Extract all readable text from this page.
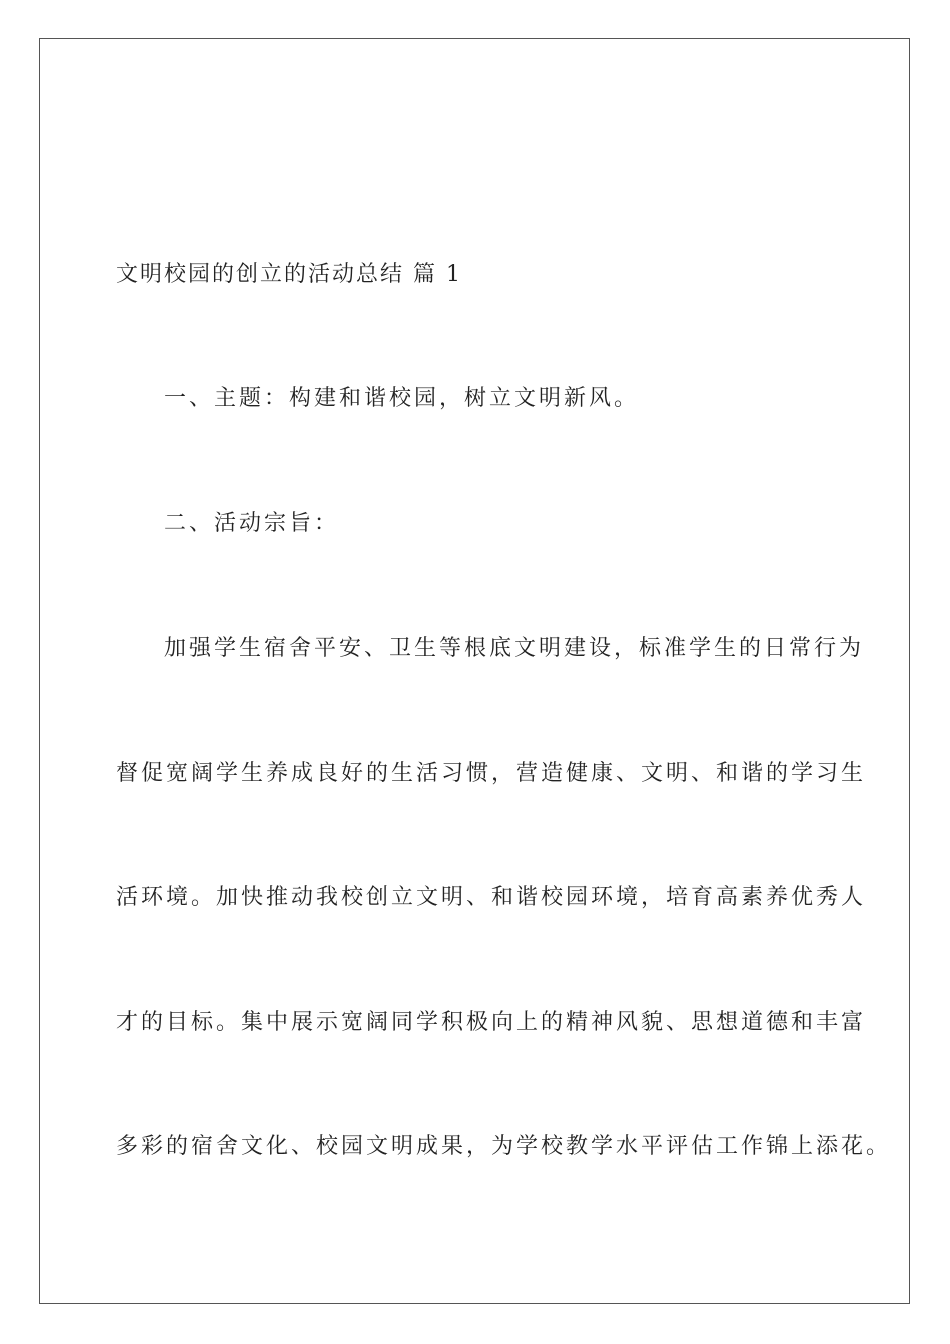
文明校园的创立的活动总结 篇 1

一、主题：构建和谐校园，树立文明新风。

二、活动宗旨：

加强学生宿舍平安、卫生等根底文明建设，标准学生的日常行为

督促宽阔学生养成良好的生活习惯，营造健康、文明、和谐的学习生

活环境。加快推动我校创立文明、和谐校园环境，培育高素养优秀人

才的目标。集中展示宽阔同学积极向上的精神风貌、思想道德和丰富

多彩的宿舍文化、校园文明成果，为学校教学水平评估工作锦上添花。
